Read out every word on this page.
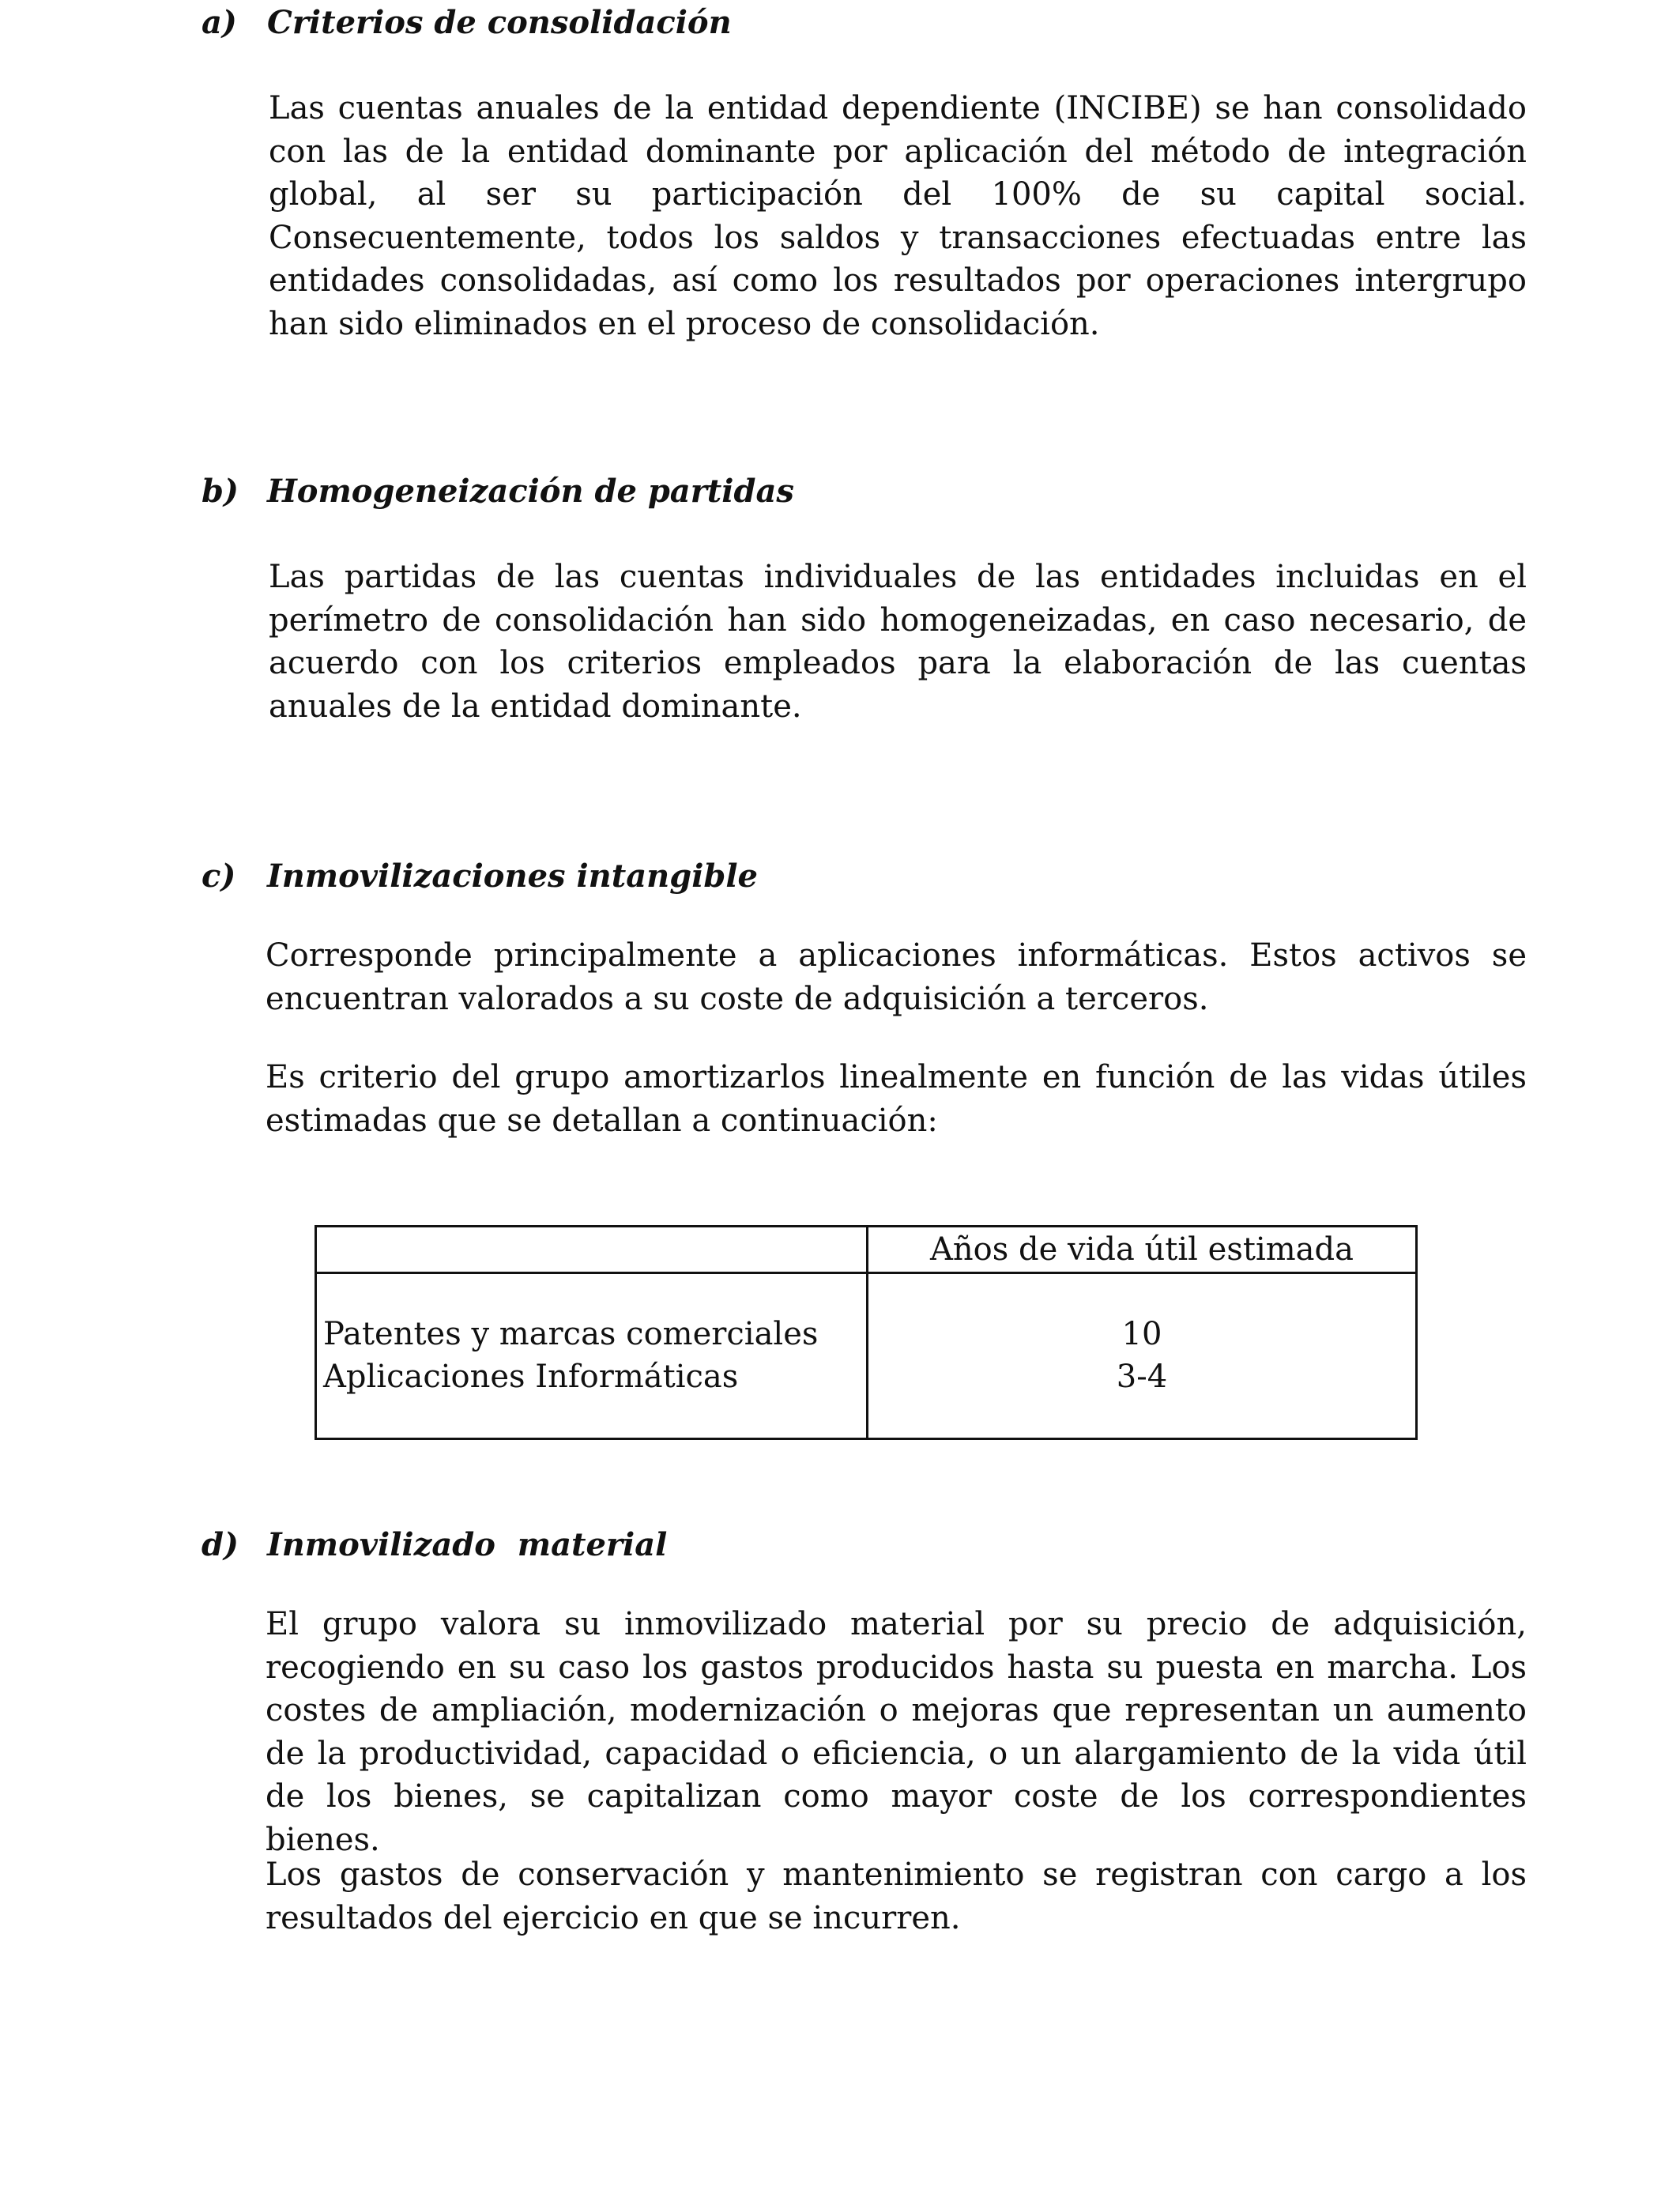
a) Criterios de consolidación
Las cuentas anuales de la entidad dependiente (INCIBE) se han consolidado con las de la entidad dominante por aplicación del método de integración global, al ser su participación del 100% de su capital social. Consecuentemente, todos los saldos y transacciones efectuadas entre las entidades consolidadas, así como los resultados por operaciones intergrupo han sido eliminados en el proceso de consolidación.
b) Homogeneización de partidas
Las partidas de las cuentas individuales de las entidades incluidas en el perímetro de consolidación han sido homogeneizadas, en caso necesario, de acuerdo con los criterios empleados para la elaboración de las cuentas anuales de la entidad dominante.
c) Inmovilizaciones intangible
Corresponde principalmente a aplicaciones informáticas. Estos activos se encuentran valorados a su coste de adquisición a terceros.
Es criterio del grupo amortizarlos linealmente en función de las vidas útiles estimadas que se detallan a continuación:
Años de vida útil estimada
Patentes y marcas comerciales	10
Aplicaciones Informáticas	3-4
d) Inmovilizado  material
El grupo valora su inmovilizado material por su precio de adquisición, recogiendo en su caso los gastos producidos hasta su puesta en marcha. Los costes de ampliación, modernización o mejoras que representan un aumento de la productividad, capacidad o eficiencia, o un alargamiento de la vida útil de los bienes, se capitalizan como mayor coste de los correspondientes bienes.
Los gastos de conservación y mantenimiento se registran con cargo a los resultados del ejercicio en que se incurren.
